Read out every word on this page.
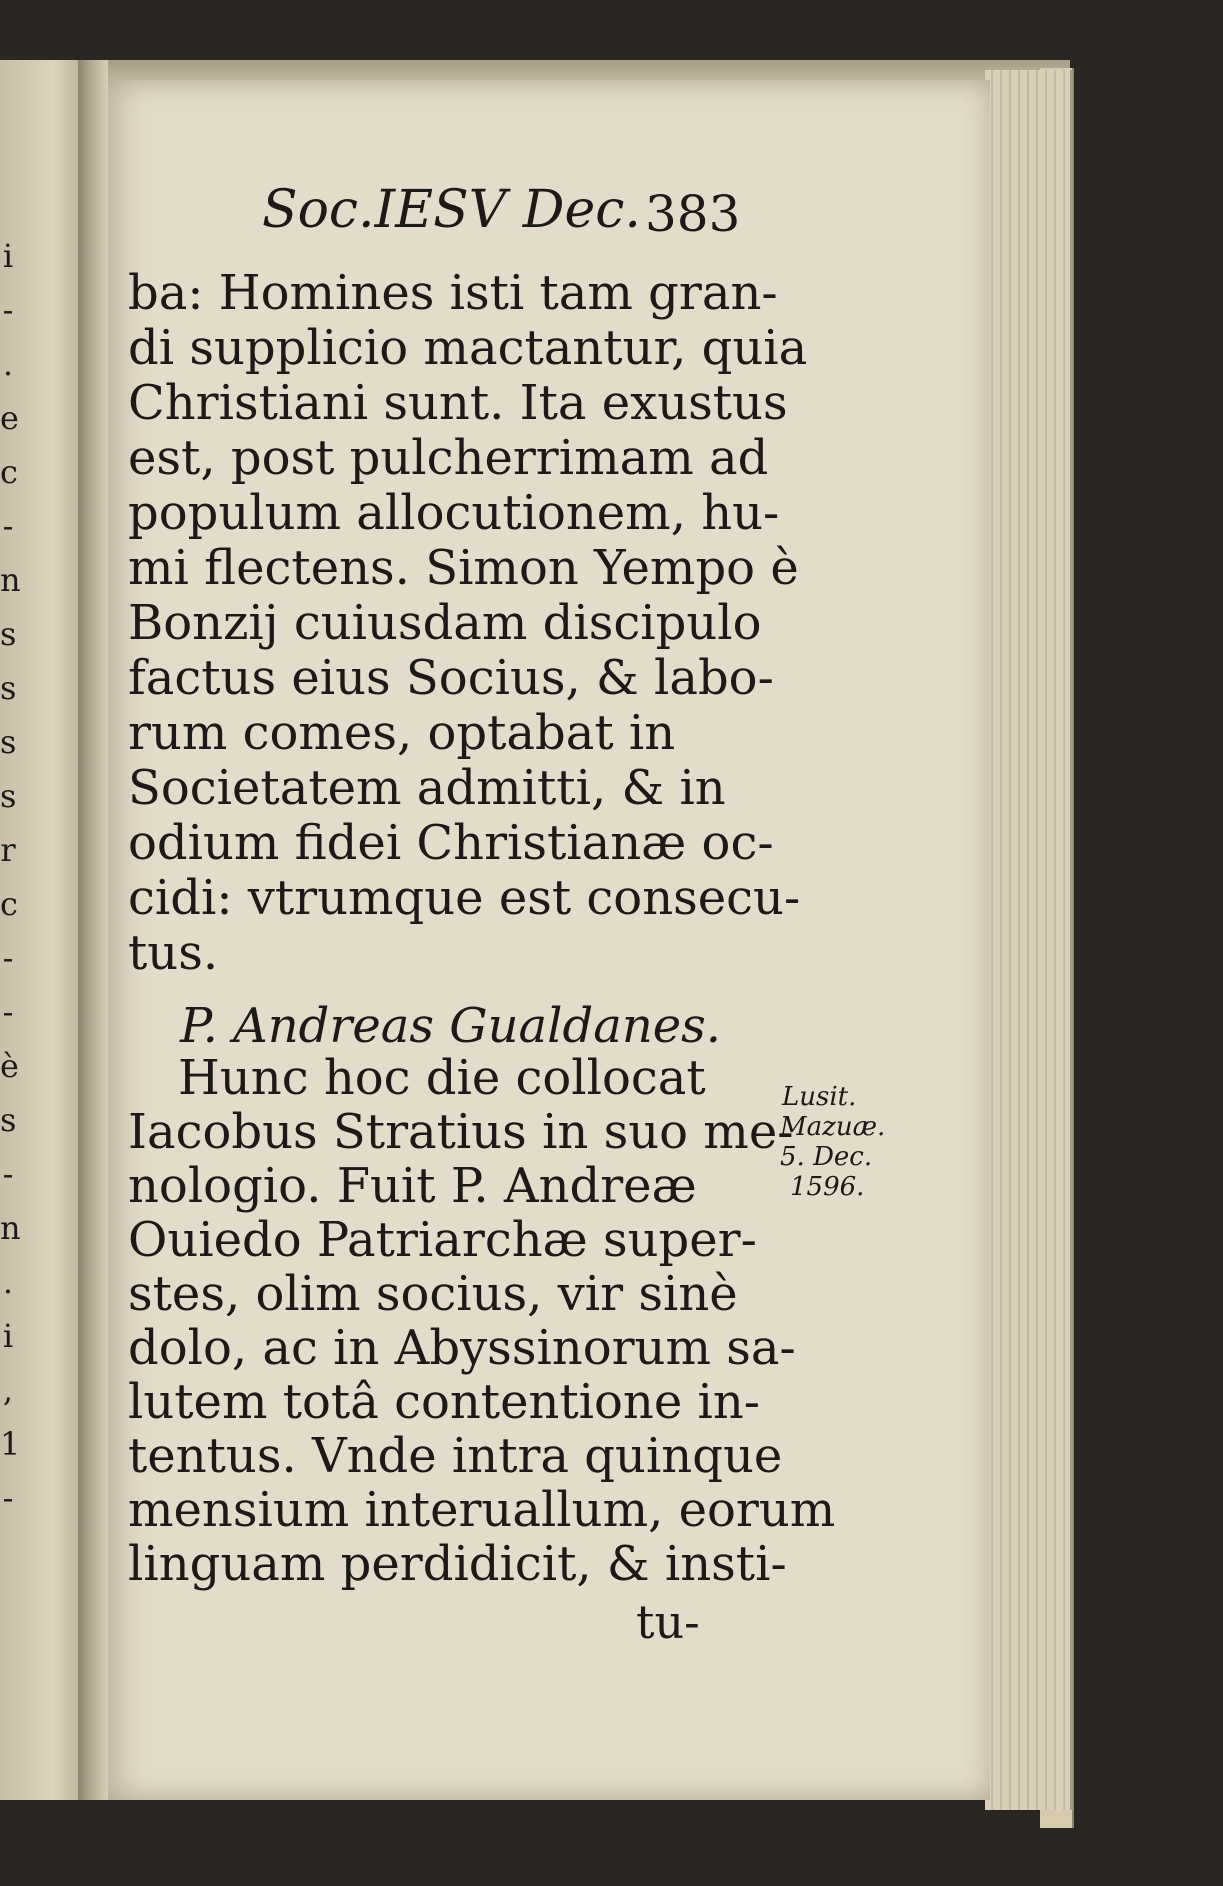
i
-
.
e
c
-
n
s
s
s
s
r
c
-
-
è
s
-
n
.
i
,
1
-
Soc.IESV Dec. 383
ba: Homines isti tam gran-
di supplicio mactantur, quia
Christiani sunt. Ita exustus
est, post pulcherrimam ad
populum allocutionem, hu-
mi flectens. Simon Yempo è
Bonzij cuiusdam discipulo
factus eius Socius, & labo-
rum comes, optabat in
Societatem admitti, & in
odium fidei Christianæ oc-
cidi: vtrumque est consecu-
tus.
P. Andreas Gualdanes.
Hunc hoc die collocat
Iacobus Stratius in suo me-
nologio. Fuit P. Andreæ
Ouiedo Patriarchæ super-
stes, olim socius, vir sinè
dolo, ac in Abyssinorum sa-
lutem totâ contentione in-
tentus. Vnde intra quinque
mensium interuallum, eorum
linguam perdidicit, & insti-
tu-
Lusit.
Mazuæ.
5. Dec.
1596.
